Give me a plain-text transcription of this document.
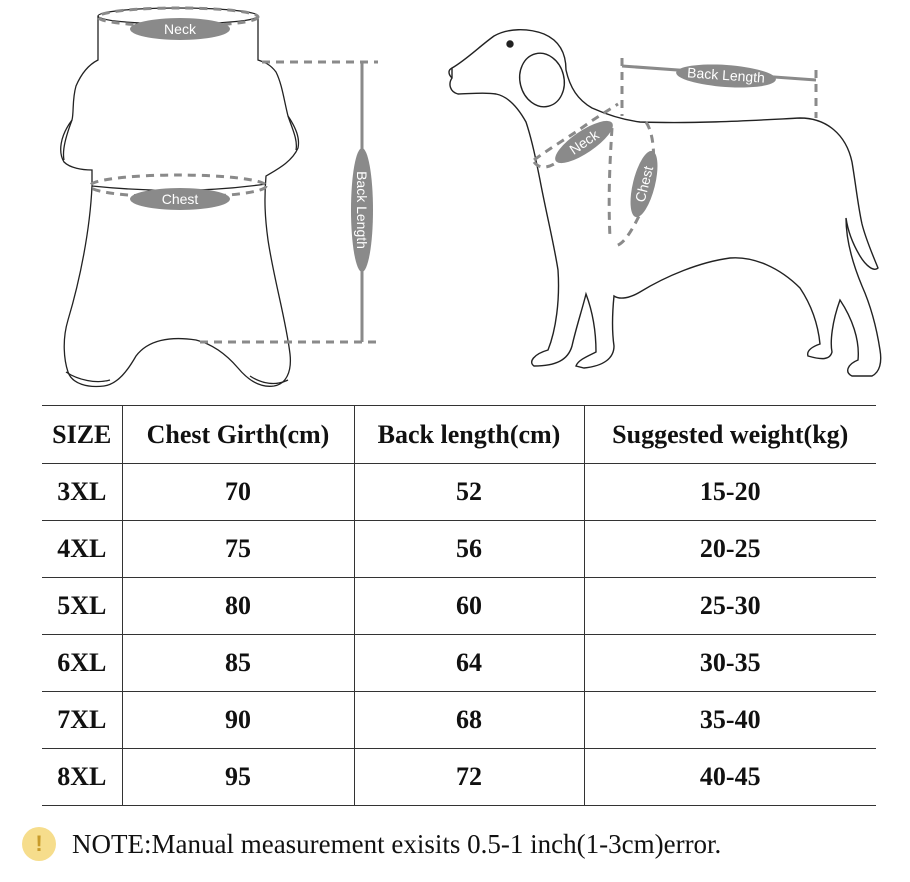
Neck
Chest	Back Length
Back Length
Neck
Chest
SIZE	Chest Girth(cm)	Back length(cm)	Suggested weight(kg)
3XL	70	52	15-20
4XL	75	56	20-25
5XL	80	60	25-30
6XL	85	64	30-35
7XL	90	68	35-40
8XL	95	72	40-45
!	NOTE:Manual measurement exisits 0.5-1 inch(1-3cm)error.
